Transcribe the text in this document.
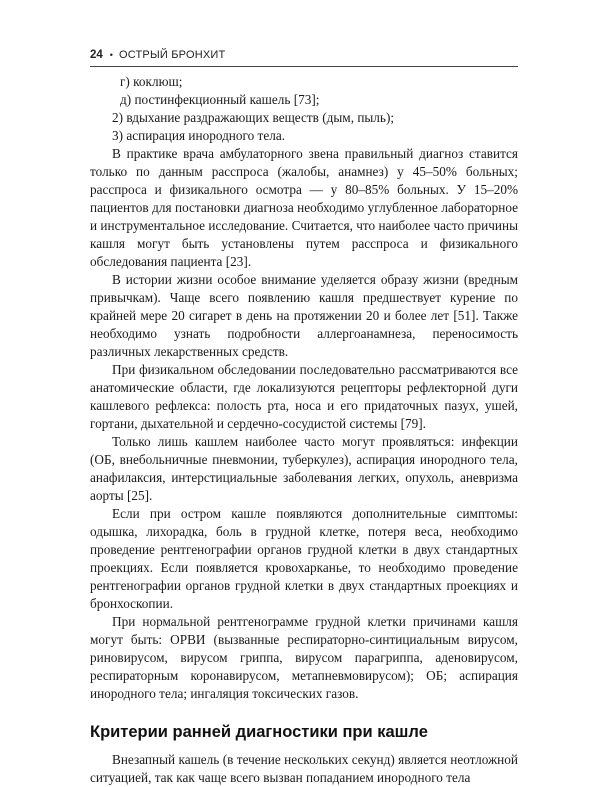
24 • ОСТРЫЙ БРОНХИТ

г) коклюш;

д) постинфекционный кашель [73];

2) вдыхание раздражающих веществ (дым, пыль);

3) аспирация инородного тела.

В практике врача амбулаторного звена правильный диагноз ставится только по данным расспроса (жалобы, анамнез) у 45–50% больных; расспроса и физикального осмотра — у 80–85% больных. У 15–20% пациентов для постановки диагноза необходимо углубленное лабораторное и инструментальное исследование. Считается, что наиболее часто причины кашля могут быть установлены путем расспроса и физикального обследования пациента [23].

В истории жизни особое внимание уделяется образу жизни (вредным привычкам). Чаще всего появлению кашля предшествует курение по крайней мере 20 сигарет в день на протяжении 20 и более лет [51]. Также необходимо узнать подробности аллергоанамнеза, переносимость различных лекарственных средств.

При физикальном обследовании последовательно рассматриваются все анатомические области, где локализуются рецепторы рефлекторной дуги кашлевого рефлекса: полость рта, носа и его придаточных пазух, ушей, гортани, дыхательной и сердечно-сосудистой системы [79].

Только лишь кашлем наиболее часто могут проявляться: инфекции (ОБ, внебольничные пневмонии, туберкулез), аспирация инородного тела, анафилаксия, интерстициальные заболевания легких, опухоль, аневризма аорты [25].

Если при остром кашле появляются дополнительные симптомы: одышка, лихорадка, боль в грудной клетке, потеря веса, необходимо проведение рентгенографии органов грудной клетки в двух стандартных проекциях. Если появляется кровохарканье, то необходимо проведение рентгенографии органов грудной клетки в двух стандартных проекциях и бронхоскопии.

При нормальной рентгенограмме грудной клетки причинами кашля могут быть: ОРВИ (вызванные респираторно-синтициальным вирусом, риновирусом, вирусом гриппа, вирусом парагриппа, аденовирусом, респираторным коронавирусом, метапневмовирусом); ОБ; аспирация инородного тела; ингаляция токсических газов.

Критерии ранней диагностики при кашле

Внезапный кашель (в течение нескольких секунд) является неотложной ситуацией, так как чаще всего вызван попаданием инородного тела
